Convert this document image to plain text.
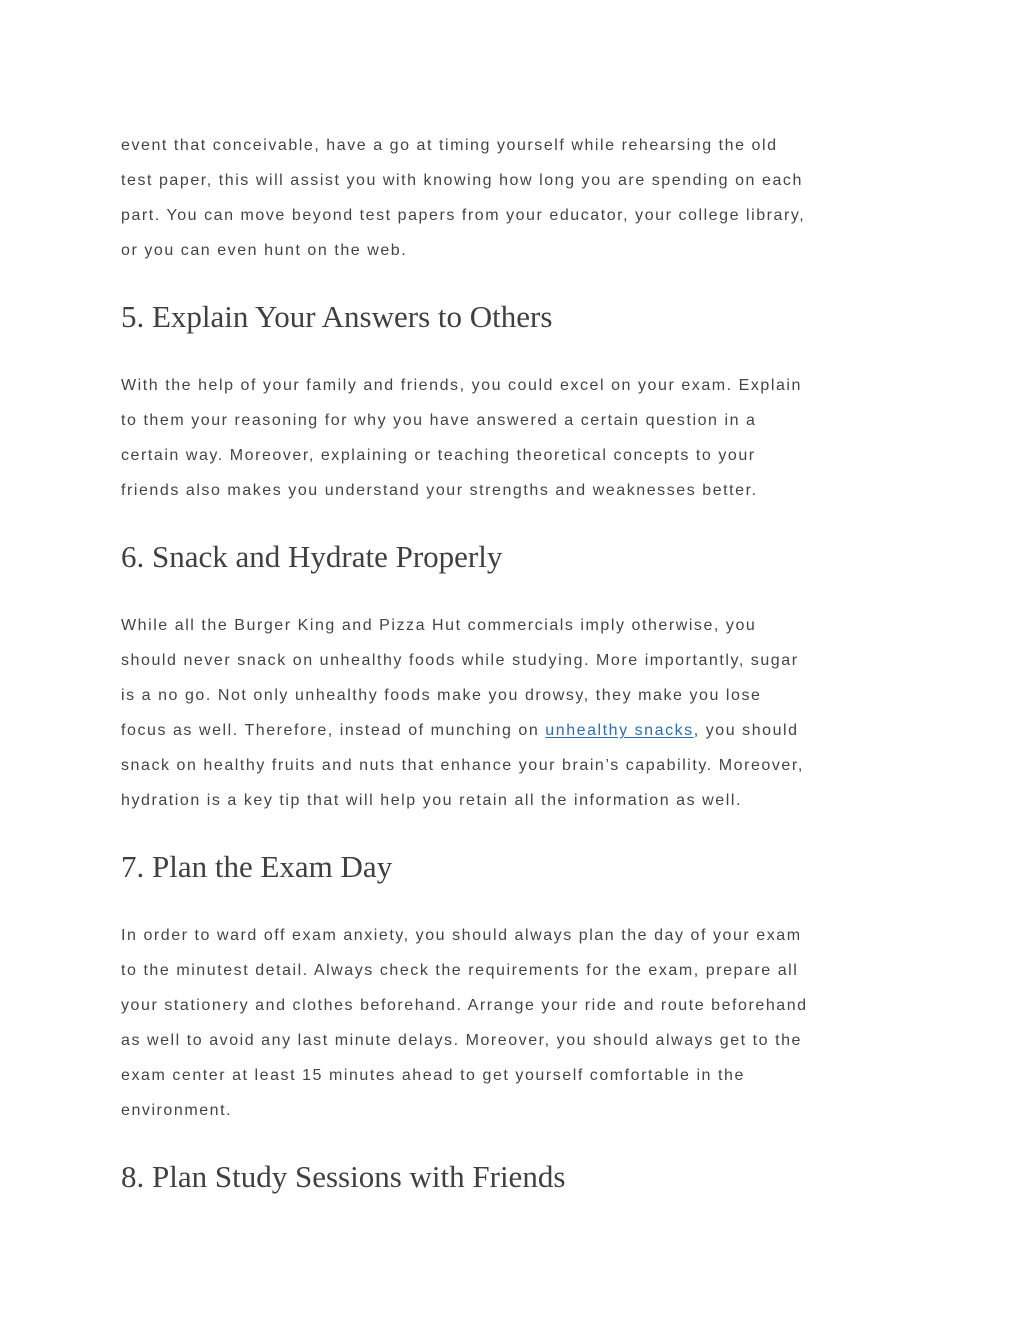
event that conceivable, have a go at timing yourself while rehearsing the old
test paper, this will assist you with knowing how long you are spending on each
part. You can move beyond test papers from your educator, your college library,
or you can even hunt on the web.
5. Explain Your Answers to Others
With the help of your family and friends, you could excel on your exam. Explain
to them your reasoning for why you have answered a certain question in a
certain way. Moreover, explaining or teaching theoretical concepts to your
friends also makes you understand your strengths and weaknesses better.
6. Snack and Hydrate Properly
While all the Burger King and Pizza Hut commercials imply otherwise, you
should never snack on unhealthy foods while studying. More importantly, sugar
is a no go. Not only unhealthy foods make you drowsy, they make you lose
focus as well. Therefore, instead of munching on unhealthy snacks, you should
snack on healthy fruits and nuts that enhance your brain’s capability. Moreover,
hydration is a key tip that will help you retain all the information as well.
7. Plan the Exam Day
In order to ward off exam anxiety, you should always plan the day of your exam
to the minutest detail. Always check the requirements for the exam, prepare all
your stationery and clothes beforehand. Arrange your ride and route beforehand
as well to avoid any last minute delays. Moreover, you should always get to the
exam center at least 15 minutes ahead to get yourself comfortable in the
environment.
8. Plan Study Sessions with Friends
